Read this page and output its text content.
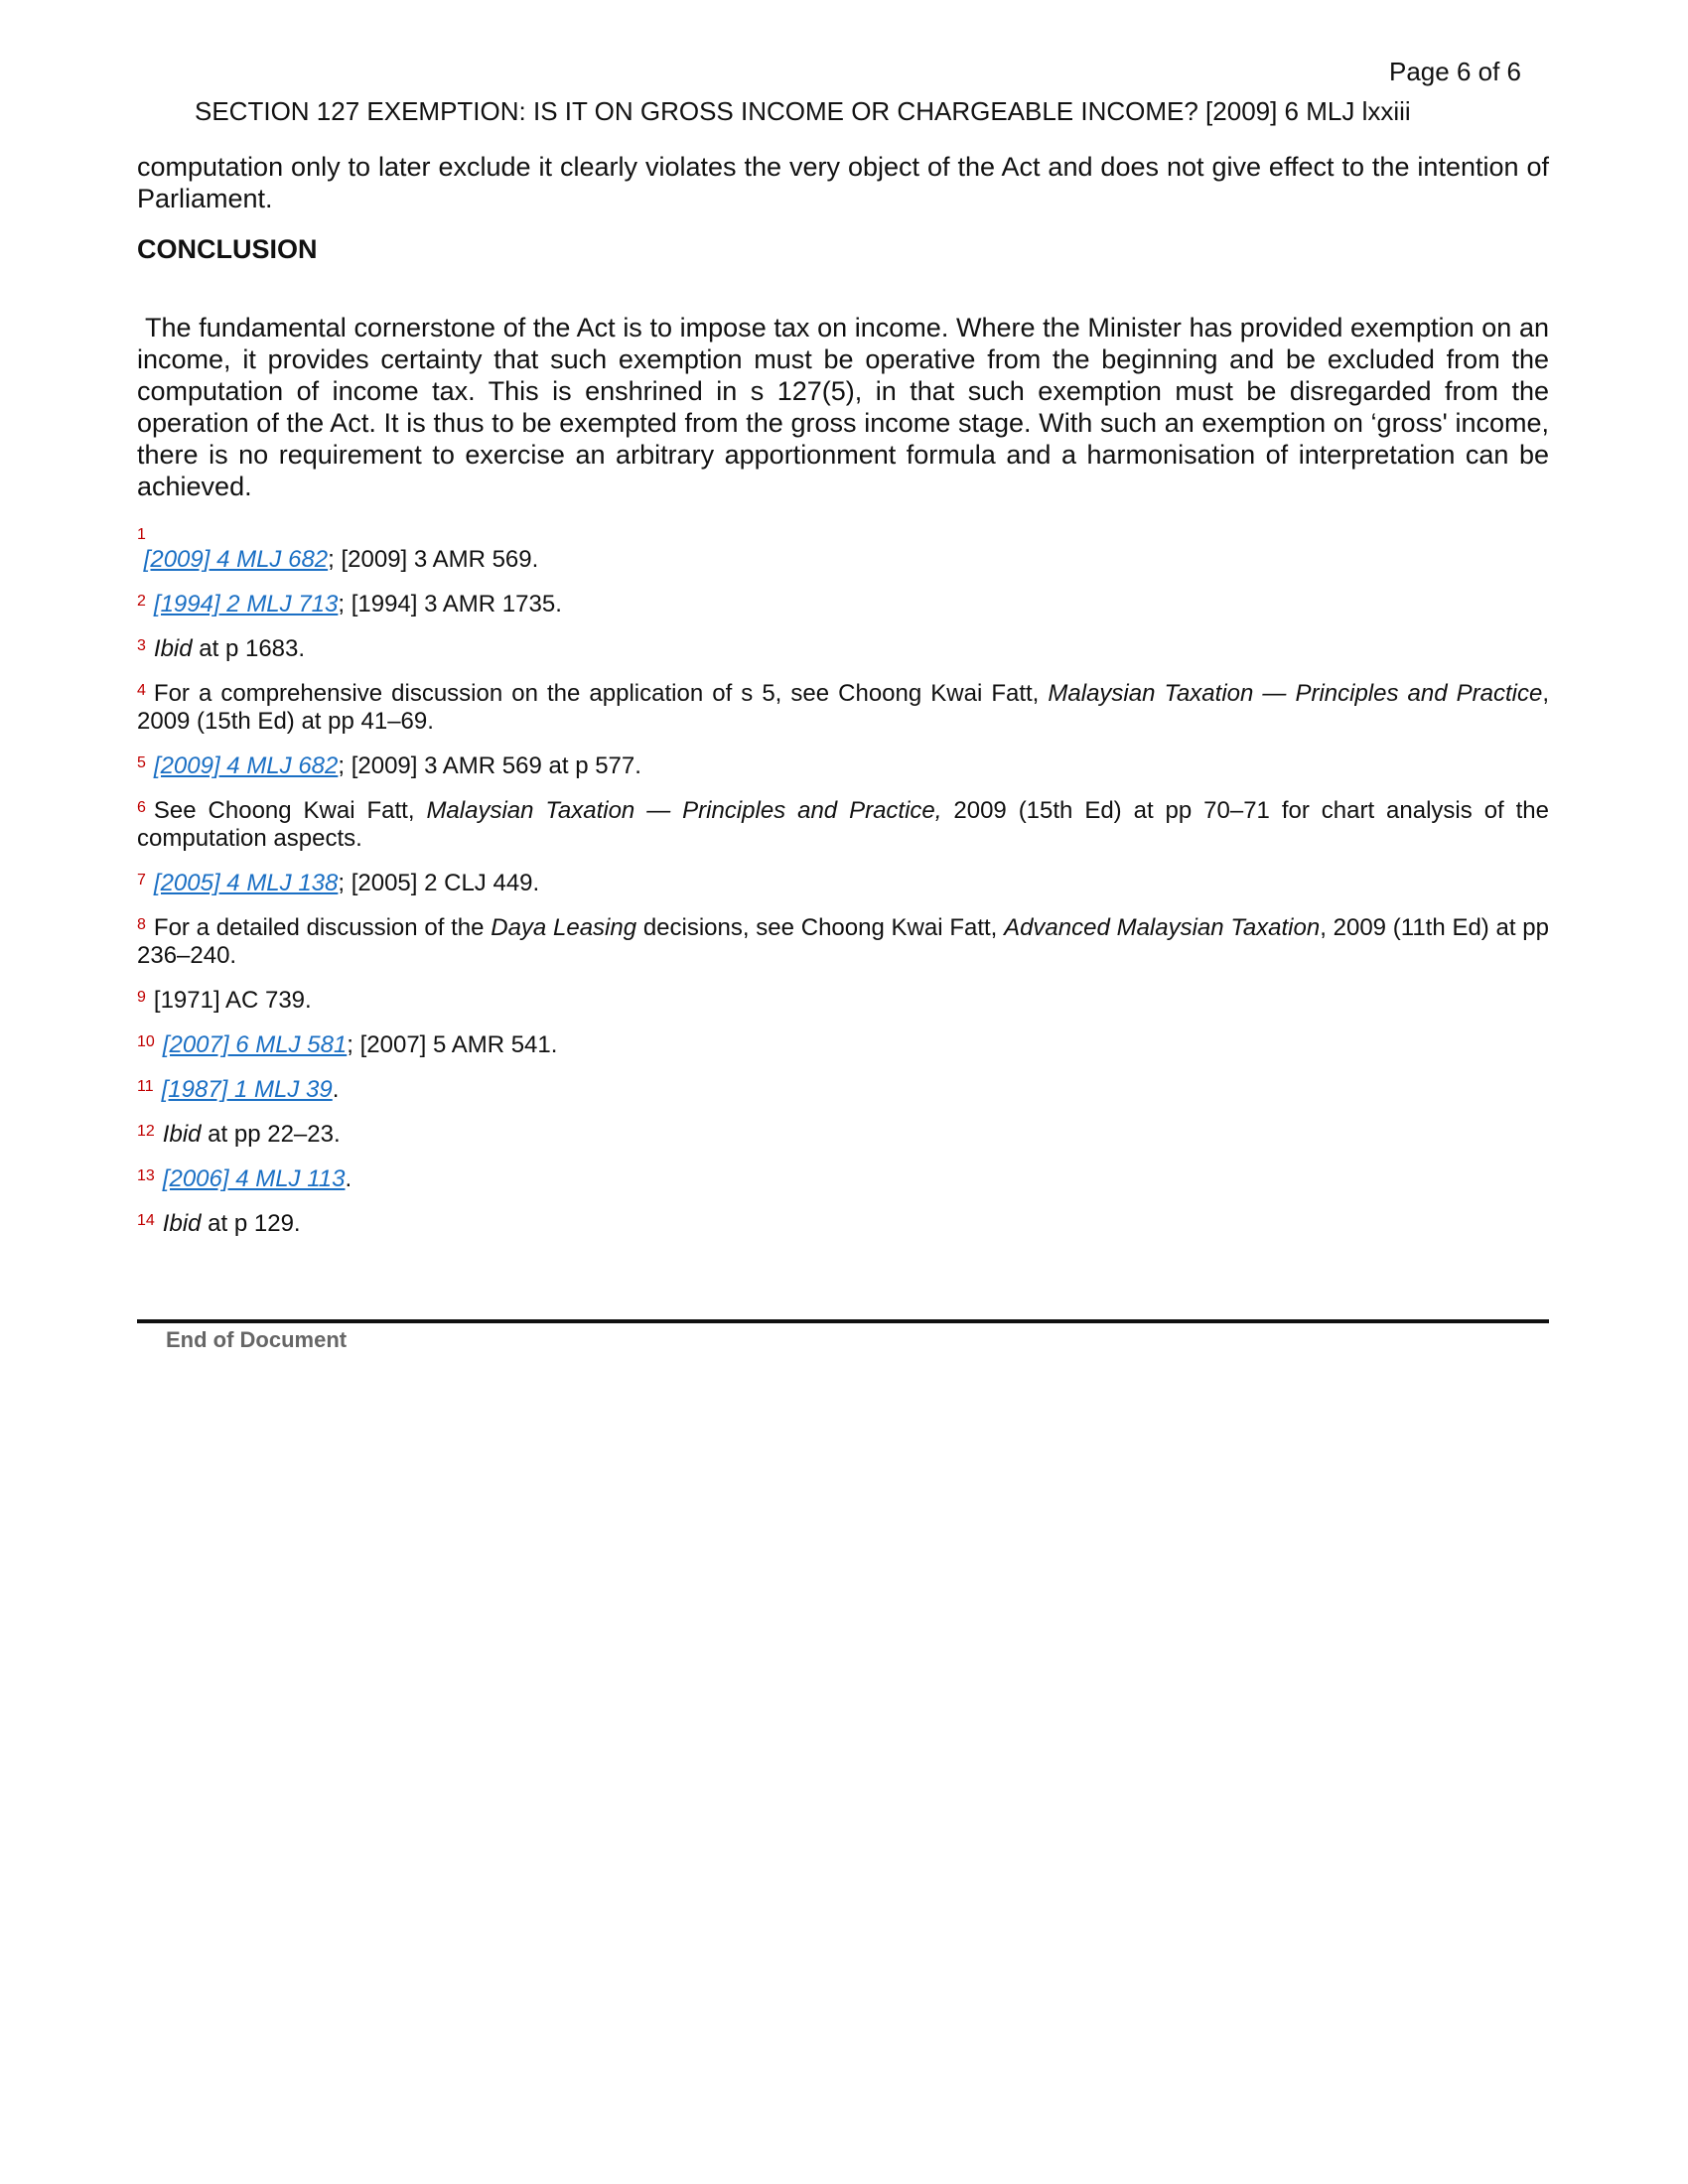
Page 6 of 6
SECTION 127 EXEMPTION: IS IT ON GROSS INCOME OR CHARGEABLE INCOME? [2009] 6 MLJ lxxiii

computation only to later exclude it clearly violates the very object of the Act and does not give effect to the intention of Parliament.

CONCLUSION

The fundamental cornerstone of the Act is to impose tax on income. Where the Minister has provided exemption on an income, it provides certainty that such exemption must be operative from the beginning and be excluded from the computation of income tax. This is enshrined in s 127(5), in that such exemption must be disregarded from the operation of the Act. It is thus to be exempted from the gross income stage. With such an exemption on ‘gross' income, there is no requirement to exercise an arbitrary apportionment formula and a harmonisation of interpretation can be achieved.

1
[2009] 4 MLJ 682; [2009] 3 AMR 569.
$^2$ [1994] 2 MLJ 713; [1994] 3 AMR 1735.
$^3$ Ibid at p 1683.
$^4$ For a comprehensive discussion on the application of s 5, see Choong Kwai Fatt, Malaysian Taxation — Principles and Practice, 2009 (15th Ed) at pp 41–69.
$^5$ [2009] 4 MLJ 682; [2009] 3 AMR 569 at p 577.
$^6$ See Choong Kwai Fatt, Malaysian Taxation — Principles and Practice, 2009 (15th Ed) at pp 70–71 for chart analysis of the computation aspects.
$^7$ [2005] 4 MLJ 138; [2005] 2 CLJ 449.
$^8$ For a detailed discussion of the Daya Leasing decisions, see Choong Kwai Fatt, Advanced Malaysian Taxation, 2009 (11th Ed) at pp 236–240.
$^9$ [1971] AC 739.
$^{10}$ [2007] 6 MLJ 581; [2007] 5 AMR 541.
$^{11}$ [1987] 1 MLJ 39.
$^{12}$ Ibid at pp 22–23.
$^{13}$ [2006] 4 MLJ 113.
$^{14}$ Ibid at p 129.
End of Document
